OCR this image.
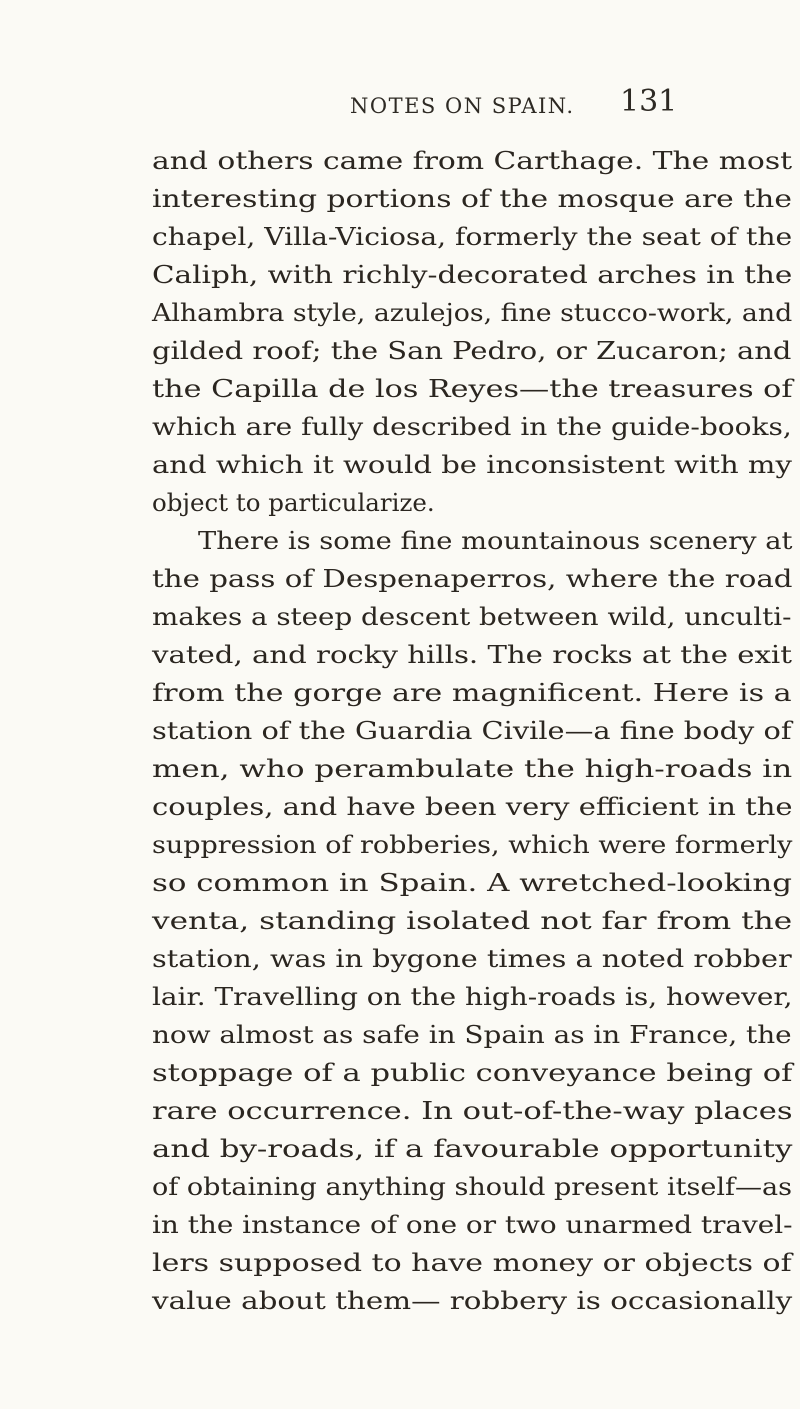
NOTES ON SPAIN. 131
and others came from Carthage. The most
interesting portions of the mosque are the
chapel, Villa-Viciosa, formerly the seat of the
Caliph, with richly-decorated arches in the
Alhambra style, azulejos, fine stucco-work, and
gilded roof; the San Pedro, or Zucaron; and
the Capilla de los Reyes—the treasures of
which are fully described in the guide-books,
and which it would be inconsistent with my
object to particularize.
There is some fine mountainous scenery at
the pass of Despenaperros, where the road
makes a steep descent between wild, unculti-
vated, and rocky hills. The rocks at the exit
from the gorge are magnificent. Here is a
station of the Guardia Civile—a fine body of
men, who perambulate the high-roads in
couples, and have been very efficient in the
suppression of robberies, which were formerly
so common in Spain. A wretched-looking
venta, standing isolated not far from the
station, was in bygone times a noted robber
lair. Travelling on the high-roads is, however,
now almost as safe in Spain as in France, the
stoppage of a public conveyance being of
rare occurrence. In out-of-the-way places
and by-roads, if a favourable opportunity
of obtaining anything should present itself—as
in the instance of one or two unarmed travel-
lers supposed to have money or objects of
value about them— robbery is occasionally
